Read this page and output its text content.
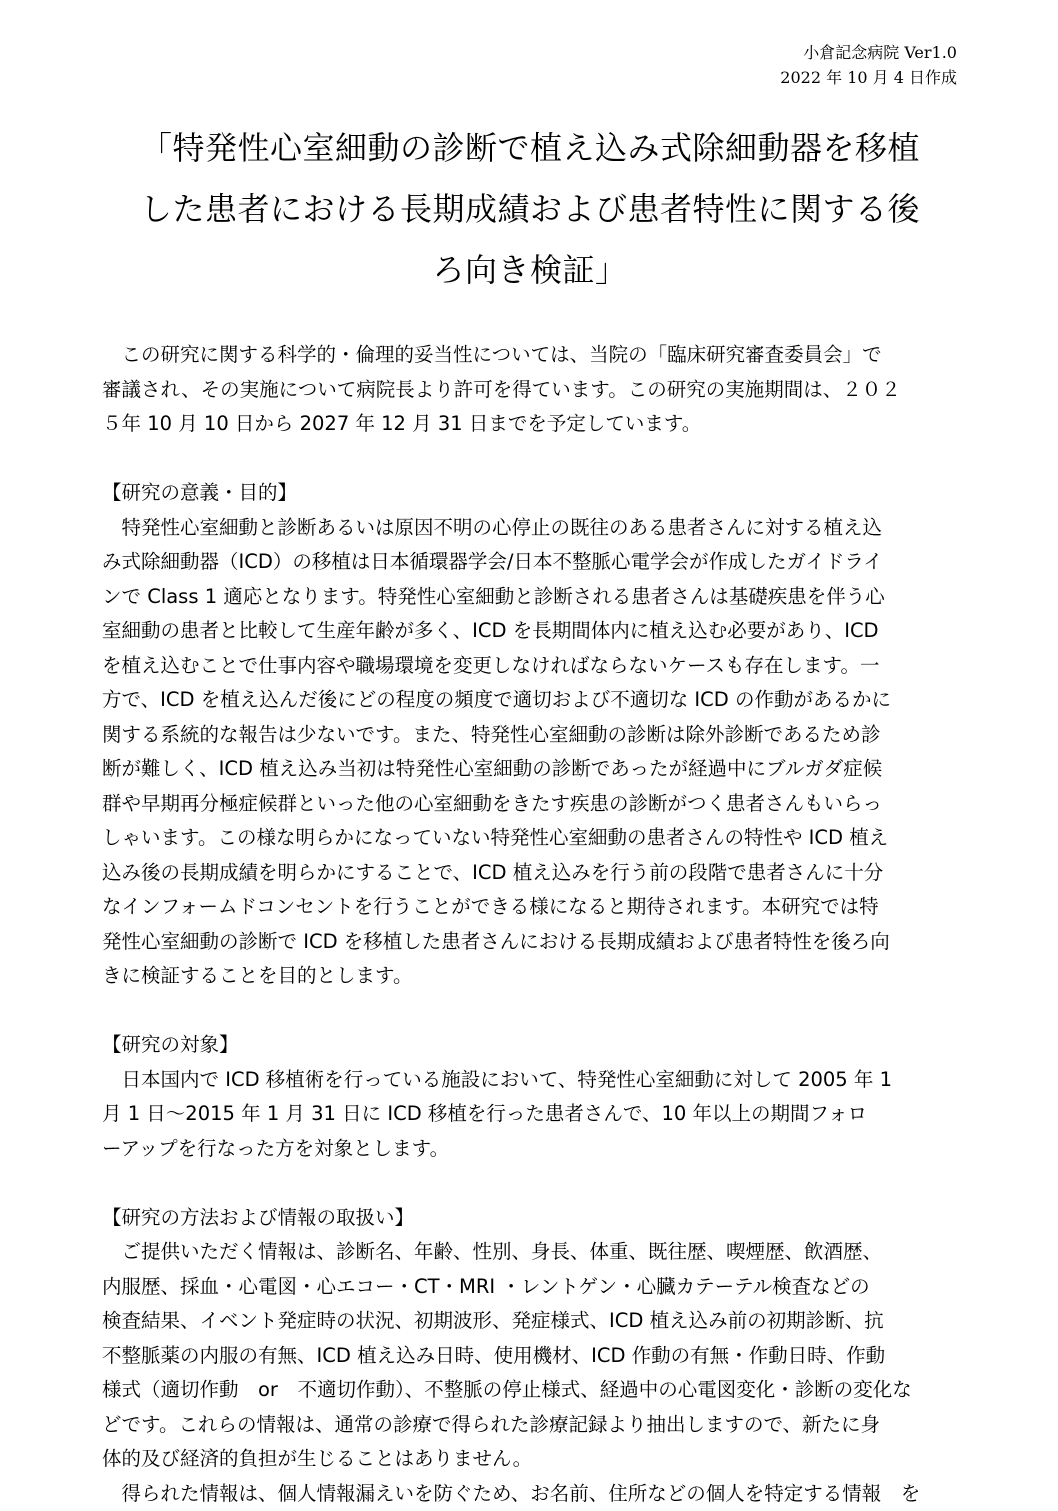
小倉記念病院 Ver1.0
2022 年 10 月 4 日作成
「特発性心室細動の診断で植え込み式除細動器を移植
した患者における長期成績および患者特性に関する後
ろ向き検証」
　この研究に関する科学的・倫理的妥当性については、当院の「臨床研究審査委員会」で
審議され、その実施について病院長より許可を得ています。この研究の実施期間は、２０２
５年 10 月 10 日から 2027 年 12 月 31 日までを予定しています。
【研究の意義・目的】
　特発性心室細動と診断あるいは原因不明の心停止の既往のある患者さんに対する植え込
み式除細動器（ICD）の移植は日本循環器学会/日本不整脈心電学会が作成したガイドライ
ンで Class 1 適応となります。特発性心室細動と診断される患者さんは基礎疾患を伴う心
室細動の患者と比較して生産年齢が多く、ICD を長期間体内に植え込む必要があり、ICD
を植え込むことで仕事内容や職場環境を変更しなければならないケースも存在します。一
方で、ICD を植え込んだ後にどの程度の頻度で適切および不適切な ICD の作動があるかに
関する系統的な報告は少ないです。また、特発性心室細動の診断は除外診断であるため診
断が難しく、ICD 植え込み当初は特発性心室細動の診断であったが経過中にブルガダ症候
群や早期再分極症候群といった他の心室細動をきたす疾患の診断がつく患者さんもいらっ
しゃいます。この様な明らかになっていない特発性心室細動の患者さんの特性や ICD 植え
込み後の長期成績を明らかにすることで、ICD 植え込みを行う前の段階で患者さんに十分
なインフォームドコンセントを行うことができる様になると期待されます。本研究では特
発性心室細動の診断で ICD を移植した患者さんにおける長期成績および患者特性を後ろ向
きに検証することを目的とします。
【研究の対象】
　日本国内で ICD 移植術を行っている施設において、特発性心室細動に対して 2005 年 1
月 1 日～2015 年 1 月 31 日に ICD 移植を行った患者さんで、10 年以上の期間フォロ
ーアップを行なった方を対象とします。
【研究の方法および情報の取扱い】
　ご提供いただく情報は、診断名、年齢、性別、身長、体重、既往歴、喫煙歴、飲酒歴、
内服歴、採血・心電図・心エコー・CT・MRI ・レントゲン・心臓カテーテル検査などの
検査結果、イベント発症時の状況、初期波形、発症様式、ICD 植え込み前の初期診断、抗
不整脈薬の内服の有無、ICD 植え込み日時、使用機材、ICD 作動の有無・作動日時、作動
様式（適切作動　or　不適切作動）、不整脈の停止様式、経過中の心電図変化・診断の変化な
どです。これらの情報は、通常の診療で得られた診療記録より抽出しますので、新たに身
体的及び経済的負担が生じることはありません。
　得られた情報は、個人情報漏えいを防ぐため、お名前、住所などの個人を特定する情報　を
